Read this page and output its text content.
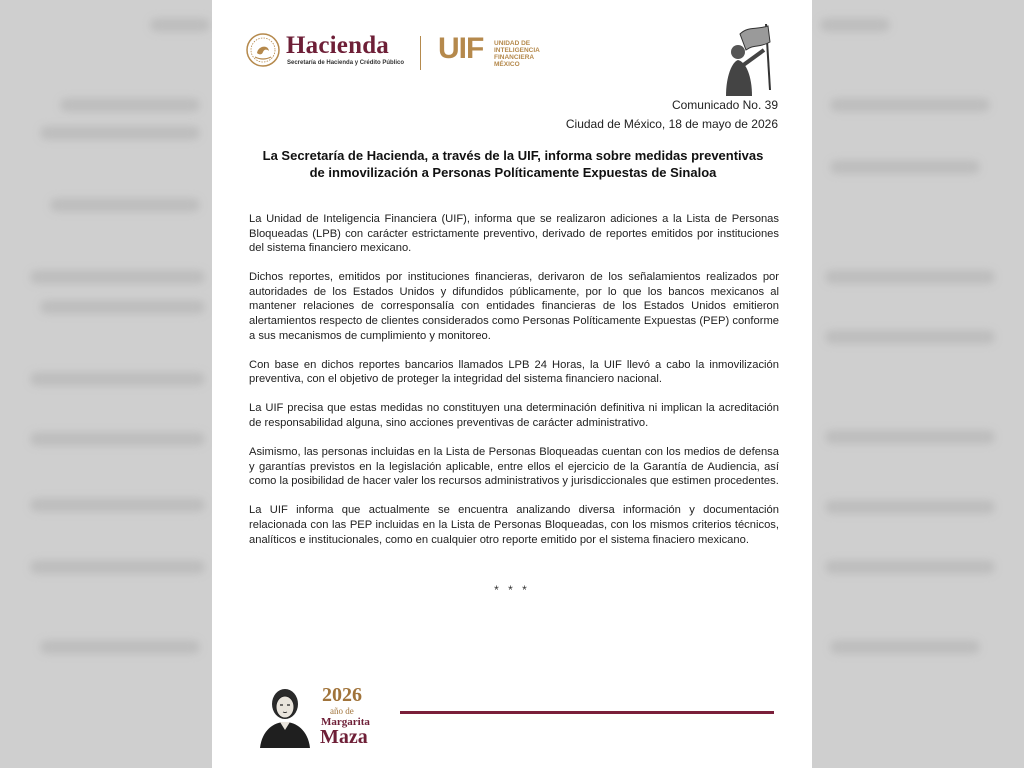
Hacienda
Secretaría de Hacienda y Crédito Público UIF UNIDAD DE
INTELIGENCIA
FINANCIERA
MÉXICO
Comunicado No. 39
Ciudad de México, 18 de mayo de 2026
La Secretaría de Hacienda, a través de la UIF, informa sobre medidas preventivas
de inmovilización a Personas Políticamente Expuestas de Sinaloa

La Unidad de Inteligencia Financiera (UIF), informa que se realizaron adiciones a la Lista de Personas Bloqueadas (LPB) con carácter estrictamente preventivo, derivado de reportes emitidos por instituciones del sistema financiero mexicano.

Dichos reportes, emitidos por instituciones financieras, derivaron de los señalamientos realizados por autoridades de los Estados Unidos y difundidos públicamente, por lo que los bancos mexicanos al mantener relaciones de corresponsalía con entidades financieras de los Estados Unidos emitieron alertamientos respecto de clientes considerados como Personas Políticamente Expuestas (PEP) conforme a sus mecanismos de cumplimiento y monitoreo.

Con base en dichos reportes bancarios llamados LPB 24 Horas, la UIF llevó a cabo la inmovilización preventiva, con el objetivo de proteger la integridad del sistema financiero nacional.

La UIF precisa que estas medidas no constituyen una determinación definitiva ni implican la acreditación de responsabilidad alguna, sino acciones preventivas de carácter administrativo.

Asimismo, las personas incluidas en la Lista de Personas Bloqueadas cuentan con los medios de defensa y garantías previstos en la legislación aplicable, entre ellos el ejercicio de la Garantía de Audiencia, así como la posibilidad de hacer valer los recursos administrativos y jurisdiccionales que estimen procedentes.

La UIF informa que actualmente se encuentra analizando diversa información y documentación relacionada con las PEP incluidas en la Lista de Personas Bloqueadas, con los mismos criterios técnicos, analíticos e institucionales, como en cualquier otro reporte emitido por el sistema finaciero mexicano.

* * *
2026
año de
Margarita
Maza
